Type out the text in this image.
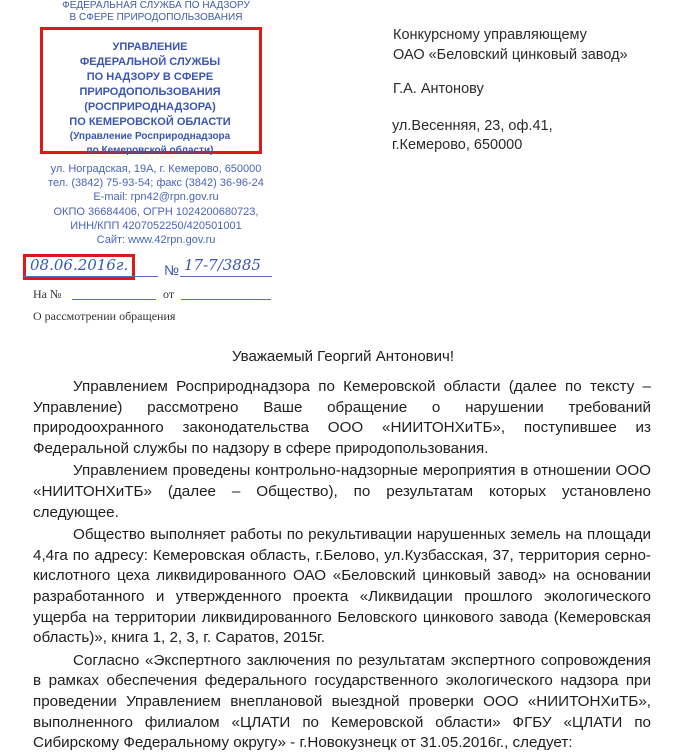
ФЕДЕРАЛЬНАЯ СЛУЖБА ПО НАДЗОРУ
В СФЕРЕ ПРИРОДОПОЛЬЗОВАНИЯ
УПРАВЛЕНИЕ
ФЕДЕРАЛЬНОЙ СЛУЖБЫ
ПО НАДЗОРУ В СФЕРЕ
ПРИРОДОПОЛЬЗОВАНИЯ
(РОСПРИРОДНАДЗОРА)
ПО КЕМЕРОВСКОЙ ОБЛАСТИ
(Управление Росприроднадзора
по Кемеровской области)
ул. Ноградская, 19А, г. Кемерово, 650000
тел. (3842) 75-93-54; факс (3842) 36-96-24
E-mail: rpn42@rpn.gov.ru
ОКПО 36684406, ОГРН 1024200680723,
ИНН/КПП 4207052250/420501001
Сайт: www.42rpn.gov.ru
08.06.2016г.	№ 17-7/3885
На №	от
О рассмотрении обращения
Конкурсному управляющему
ОАО «Беловский цинковый завод»
Г.А. Антонову
ул.Весенняя, 23, оф.41,
г.Кемерово, 650000
Уважаемый Георгий Антонович!

Управлением Росприроднадзора по Кемеровской области (далее по тексту – Управление) рассмотрено Ваше обращение о нарушении требований природоохранного законодательства ООО «НИИТОНХиТБ», поступившее из Федеральной службы по надзору в сфере природопользования.

Управлением проведены контрольно-надзорные мероприятия в отношении ООО «НИИТОНХиТБ» (далее – Общество), по результатам которых установлено следующее.

Общество выполняет работы по рекультивации нарушенных земель на площади 4,4га по адресу: Кемеровская область, г.Белово, ул.Кузбасская, 37, территория серно-кислотного цеха ликвидированного ОАО «Беловский цинковый завод» на основании разработанного и утвержденного проекта «Ликвидации прошлого экологического ущерба на территории ликвидированного Беловского цинкового завода (Кемеровская область)», книга 1, 2, 3, г. Саратов, 2015г.

Согласно «Экспертного заключения по результатам экспертного сопровождения в рамках обеспечения федерального государственного экологического надзора при проведении Управлением внеплановой выездной проверки ООО «НИИТОНХиТБ», выполненного филиалом «ЦЛАТИ по Кемеровской области» ФГБУ «ЦЛАТИ по Сибирскому Федеральному округу» - г.Новокузнецк от 31.05.2016г., следует:
